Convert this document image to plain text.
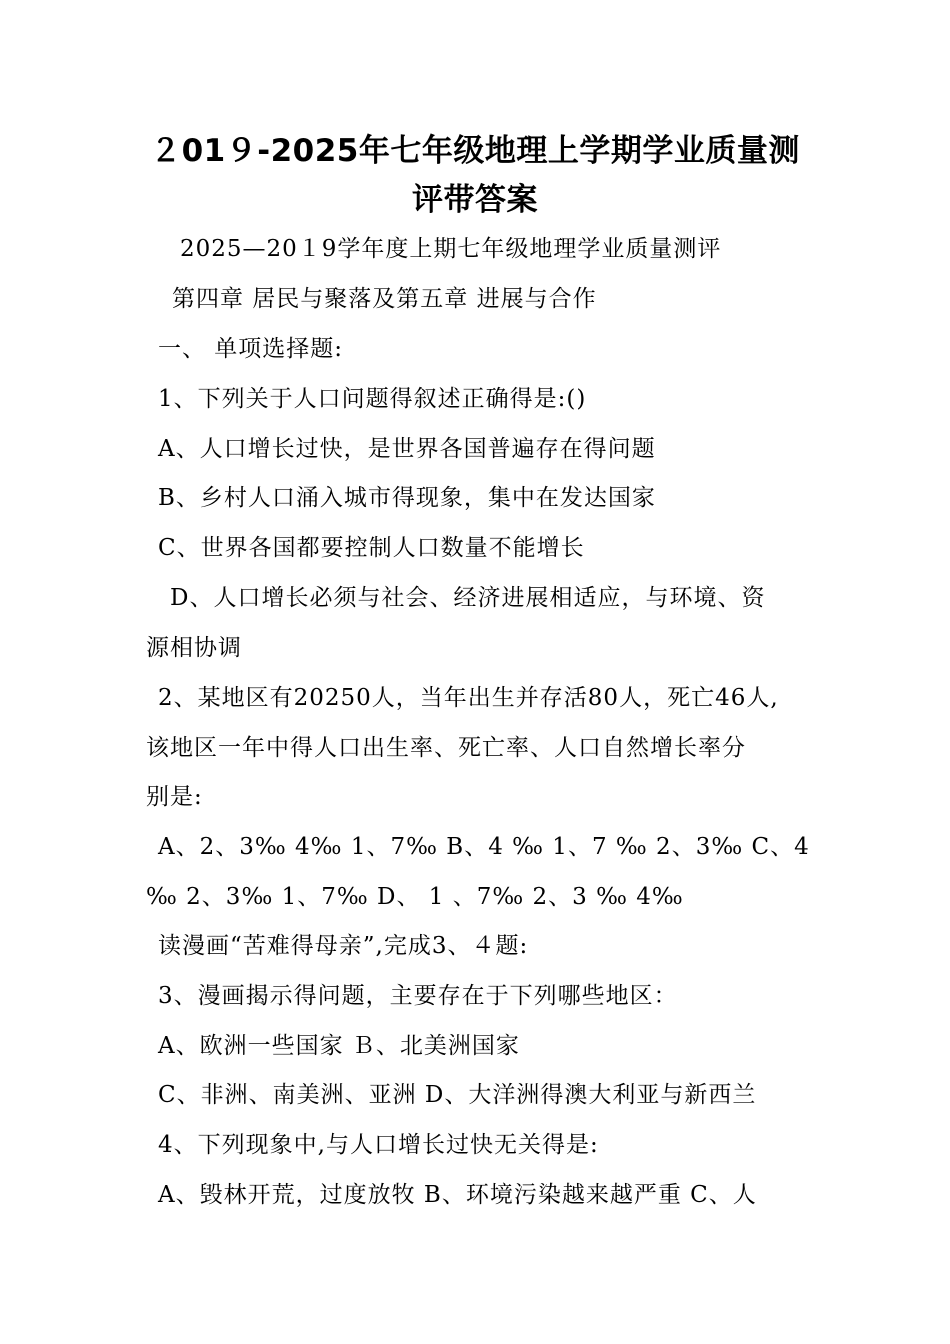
２01９-2025年七年级地理上学期学业质量测
评带答案
2025—20１9学年度上期七年级地理学业质量测评
第四章 居民与聚落及第五章 进展与合作
一、 单项选择题:
1、下列关于人口问题得叙述正确得是:()
A、人口增长过快，是世界各国普遍存在得问题
B、乡村人口涌入城市得现象，集中在发达国家
C、世界各国都要控制人口数量不能增长
D、人口增长必须与社会、经济进展相适应，与环境、资
源相协调
2、某地区有20250人，当年出生并存活80人，死亡46人,
该地区一年中得人口出生率、死亡率、人口自然增长率分
别是:
A、2、3‰ 4‰ 1、7‰ B、4 ‰ 1、7 ‰ 2、3‰ C、4
‰ 2、3‰ 1、7‰ D、 1 、7‰ 2、3 ‰ 4‰
读漫画“苦难得母亲”,完成3、４题:
3、漫画揭示得问题，主要存在于下列哪些地区：
A、欧洲一些国家 Ｂ、北美洲国家
C、非洲、南美洲、亚洲 D、大洋洲得澳大利亚与新西兰
4、下列现象中,与人口增长过快无关得是:
A、毁林开荒，过度放牧 B、环境污染越来越严重 C、人
